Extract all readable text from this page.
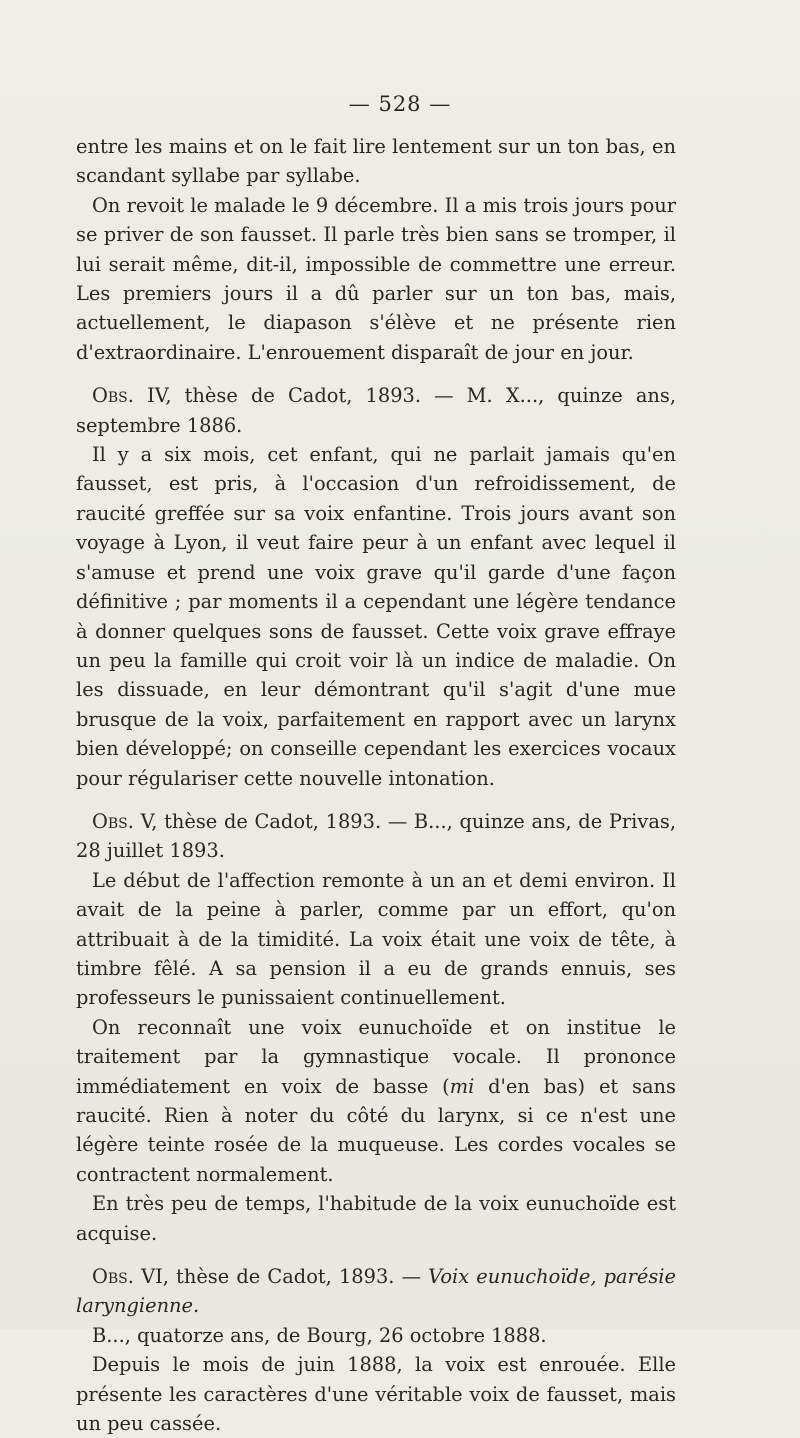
— 528 —

entre les mains et on le fait lire lentement sur un ton bas, en scandant syllabe par syllabe.

On revoit le malade le 9 décembre. Il a mis trois jours pour se priver de son fausset. Il parle très bien sans se tromper, il lui serait même, dit-il, impossible de commettre une erreur. Les premiers jours il a dû parler sur un ton bas, mais, actuellement, le diapason s'élève et ne présente rien d'extraordinaire. L'enrouement disparaît de jour en jour.

Obs. IV, thèse de Cadot, 1893. — M. X..., quinze ans, septembre 1886.

Il y a six mois, cet enfant, qui ne parlait jamais qu'en fausset, est pris, à l'occasion d'un refroidissement, de raucité greffée sur sa voix enfantine. Trois jours avant son voyage à Lyon, il veut faire peur à un enfant avec lequel il s'amuse et prend une voix grave qu'il garde d'une façon définitive ; par moments il a cependant une légère tendance à donner quelques sons de fausset. Cette voix grave effraye un peu la famille qui croit voir là un indice de maladie. On les dissuade, en leur démontrant qu'il s'agit d'une mue brusque de la voix, parfaitement en rapport avec un larynx bien développé; on conseille cependant les exercices vocaux pour régulariser cette nouvelle intonation.

Obs. V, thèse de Cadot, 1893. — B..., quinze ans, de Privas, 28 juillet 1893.

Le début de l'affection remonte à un an et demi environ. Il avait de la peine à parler, comme par un effort, qu'on attribuait à de la timidité. La voix était une voix de tête, à timbre fêlé. A sa pension il a eu de grands ennuis, ses professeurs le punissaient continuellement.

On reconnaît une voix eunuchoïde et on institue le traitement par la gymnastique vocale. Il prononce immédiatement en voix de basse (mi d'en bas) et sans raucité. Rien à noter du côté du larynx, si ce n'est une légère teinte rosée de la muqueuse. Les cordes vocales se contractent normalement.

En très peu de temps, l'habitude de la voix eunuchoïde est acquise.

Obs. VI, thèse de Cadot, 1893. — Voix eunuchoïde, parésie laryngienne.

B..., quatorze ans, de Bourg, 26 octobre 1888.

Depuis le mois de juin 1888, la voix est enrouée. Elle présente les caractères d'une véritable voix de fausset, mais un peu cassée.
